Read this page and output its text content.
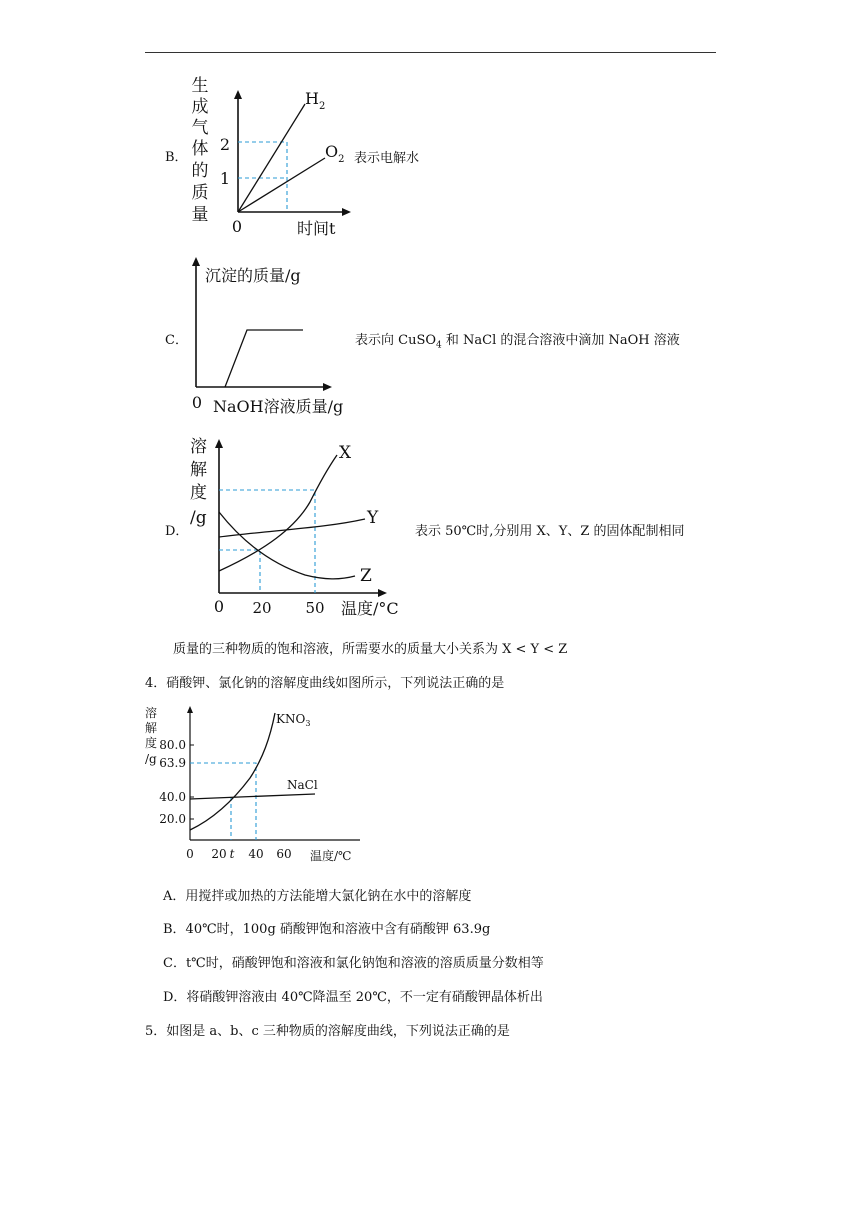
B．
生
成
气
体
的
质
量
2
1
0	时间t
$H_2$
$O_2$ 表示电解水
C．
沉淀的质量/g
0 NaOH溶液质量/g
表示向 CuSO$_4$ 和 NaCl 的混合溶液中滴加 NaOH 溶液
D．
溶
解
度
/g
X
Y
Z
0 20 50 温度/°C
表示 50℃时,分别用 X、Y、Z 的固体配制相同
质量的三种物质的饱和溶液，所需要水的质量大小关系为 X < Y < Z
4．硝酸钾、氯化钠的溶解度曲线如图所示，下列说法正确的是
溶
解
度
/g
80.0
63.9
40.0
20.0
0 20 t 40 60 温度/℃
$KNO_3$
NaCl
A．用搅拌或加热的方法能增大氯化钠在水中的溶解度
B．40℃时，100g 硝酸钾饱和溶液中含有硝酸钾 63.9g
C．t℃时，硝酸钾饱和溶液和氯化钠饱和溶液的溶质质量分数相等
D．将硝酸钾溶液由 40℃降温至 20℃，不一定有硝酸钾晶体析出
5．如图是 a、b、c 三种物质的溶解度曲线，下列说法正确的是
